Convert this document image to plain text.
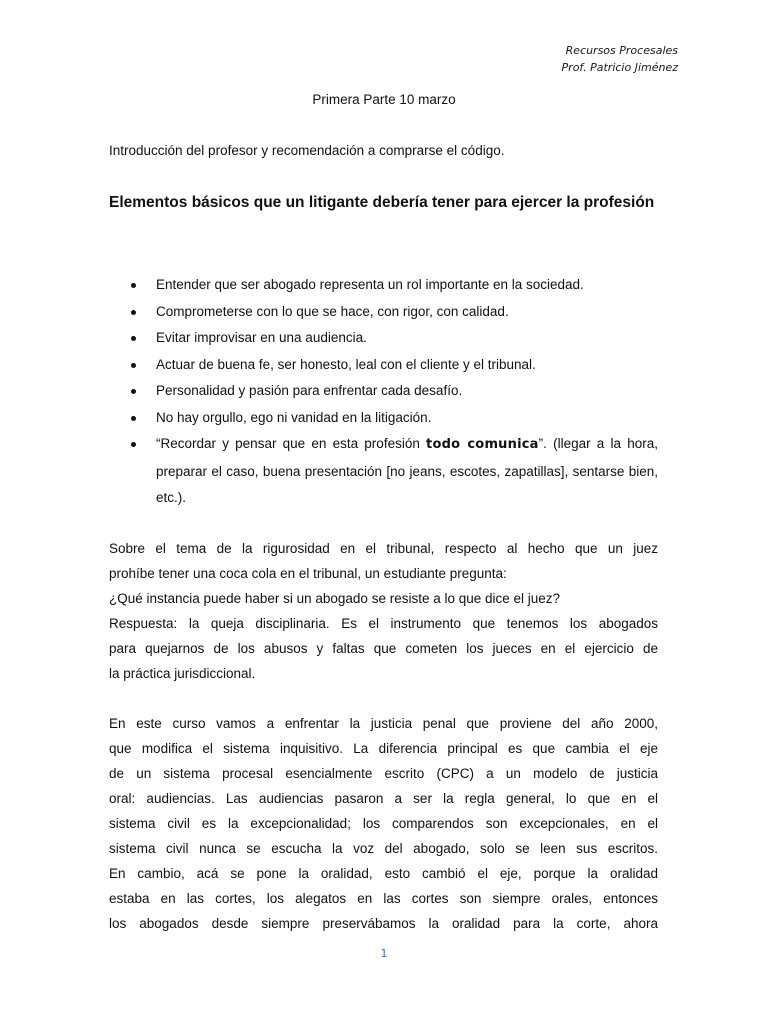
Recursos Procesales
Prof. Patricio Jiménez
Primera Parte 10 marzo
Introducción del profesor y recomendación a comprarse el código.
Elementos básicos que un litigante debería tener para ejercer la profesión
Entender que ser abogado representa un rol importante en la sociedad.
Comprometerse con lo que se hace, con rigor, con calidad.
Evitar improvisar en una audiencia.
Actuar de buena fe, ser honesto, leal con el cliente y el tribunal.
Personalidad y pasión para enfrentar cada desafío.
No hay orgullo, ego ni vanidad en la litigación.
“Recordar y pensar que en esta profesión todo comunica”. (llegar a la hora, preparar el caso, buena presentación [no jeans, escotes, zapatillas], sentarse bien, etc.).
Sobre el tema de la rigurosidad en el tribunal, respecto al hecho que un juez
prohíbe tener una coca cola en el tribunal, un estudiante pregunta:
¿Qué instancia puede haber si un abogado se resiste a lo que dice el juez?
Respuesta: la queja disciplinaria. Es el instrumento que tenemos los abogados
para quejarnos de los abusos y faltas que cometen los jueces en el ejercicio de
la práctica jurisdiccional.
En este curso vamos a enfrentar la justicia penal que proviene del año 2000,
que modifica el sistema inquisitivo. La diferencia principal es que cambia el eje
de un sistema procesal esencialmente escrito (CPC) a un modelo de justicia
oral: audiencias. Las audiencias pasaron a ser la regla general, lo que en el
sistema civil es la excepcionalidad; los comparendos son excepcionales, en el
sistema civil nunca se escucha la voz del abogado, solo se leen sus escritos.
En cambio, acá se pone la oralidad, esto cambió el eje, porque la oralidad
estaba en las cortes, los alegatos en las cortes son siempre orales, entonces
los abogados desde siempre preservábamos la oralidad para la corte, ahora
1
